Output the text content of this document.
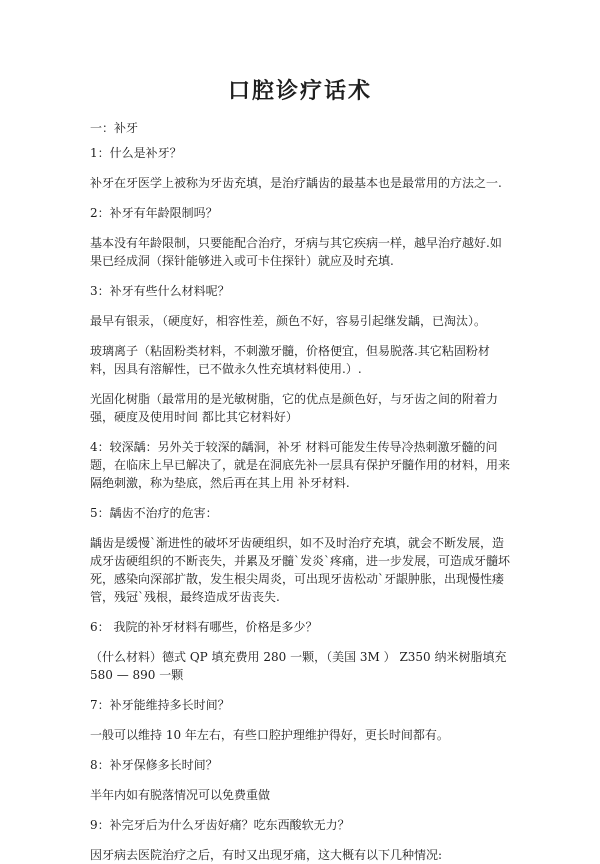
口腔诊疗话术

一：补牙

1：什么是补牙？

补牙在牙医学上被称为牙齿充填，是治疗龋齿的最基本也是最常用的方法之一.

2：补牙有年龄限制吗？

基本没有年龄限制，只要能配合治疗，牙病与其它疾病一样，越早治疗越好.如果已经成洞（探针能够进入或可卡住探针）就应及时充填.

3：补牙有些什么材料呢？

最早有银汞，（硬度好，相容性差，颜色不好，容易引起继发龋，已淘汰）。

玻璃离子（粘固粉类材料，不刺激牙髓，价格便宜，但易脱落.其它粘固粉材料，因具有溶解性，已不做永久性充填材料使用.）.

光固化树脂（最常用的是光敏树脂，它的优点是颜色好，与牙齿之间的附着力强，硬度及使用时间 都比其它材料好）

4：较深龋：另外关于较深的龋洞，补牙 材料可能发生传导冷热刺激牙髓的问题，在临床上早已解决了，就是在洞底先补一层具有保护牙髓作用的材料，用来隔绝刺激，称为垫底，然后再在其上用 补牙材料.

5：龋齿不治疗的危害：

龋齿是缓慢`渐进性的破坏牙齿硬组织，如不及时治疗充填，就会不断发展，造成牙齿硬组织的不断丧失，并累及牙髓`发炎`疼痛，进一步发展，可造成牙髓坏死，感染向深部扩散，发生根尖周炎，可出现牙齿松动`牙龈肿胀，出现慢性瘘管，残冠`残根，最终造成牙齿丧失.

6： 我院的补牙材料有哪些，价格是多少？

（什么材料）德式 QP 填充费用 280 一颗，（美国 3M ） Z350 纳米树脂填充 580 — 890 一颗

7：补牙能维持多长时间？

一般可以维持 10 年左右，有些口腔护理维护得好，更长时间都有。

8：补牙保修多长时间？

半年内如有脱落情况可以免费重做

9：补完牙后为什么牙齿好痛？吃东西酸软无力？

因牙病去医院治疗之后，有时又出现牙痛，这大概有以下几种情况:
